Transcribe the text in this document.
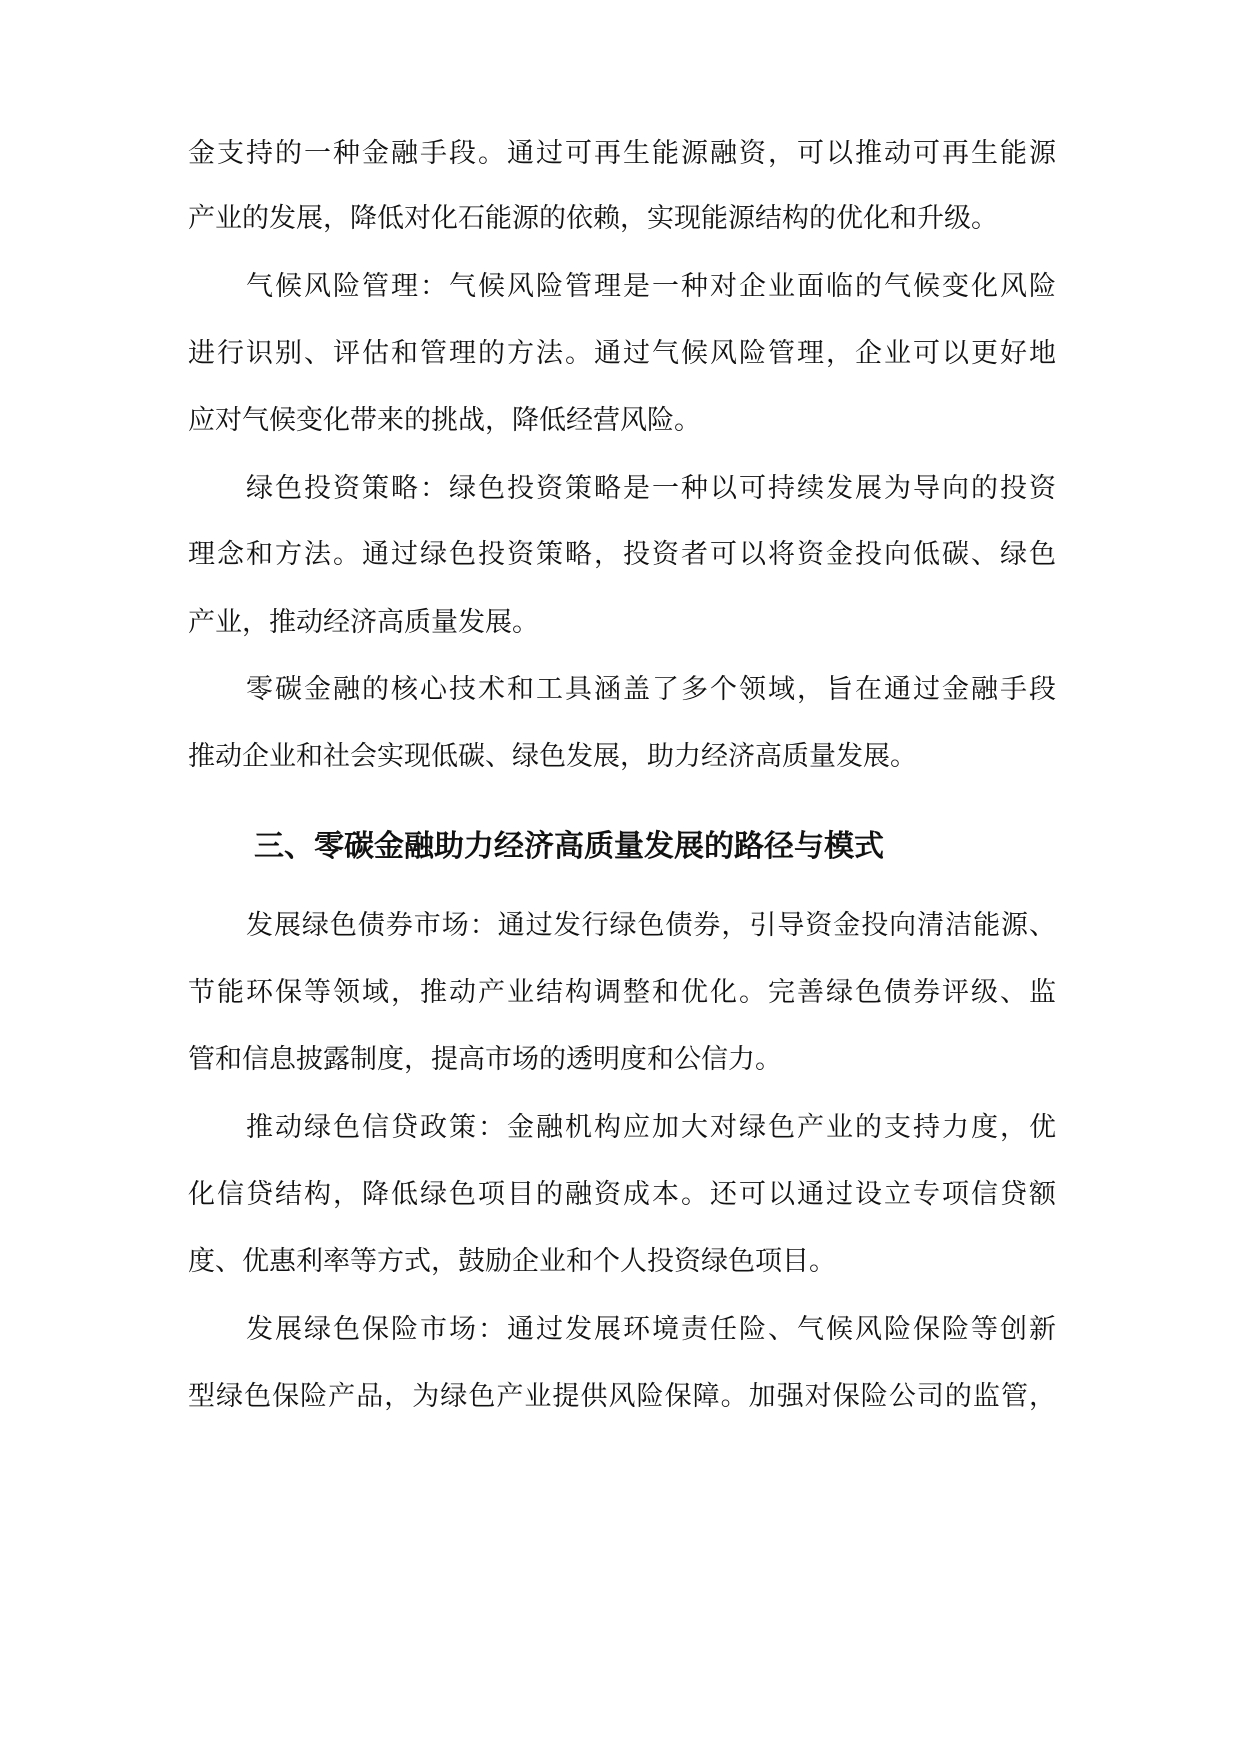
金支持的一种金融手段。通过可再生能源融资，可以推动可再生能源
产业的发展，降低对化石能源的依赖，实现能源结构的优化和升级。
气候风险管理：气候风险管理是一种对企业面临的气候变化风险
进行识别、评估和管理的方法。通过气候风险管理，企业可以更好地
应对气候变化带来的挑战，降低经营风险。
绿色投资策略：绿色投资策略是一种以可持续发展为导向的投资
理念和方法。通过绿色投资策略，投资者可以将资金投向低碳、绿色
产业，推动经济高质量发展。
零碳金融的核心技术和工具涵盖了多个领域，旨在通过金融手段
推动企业和社会实现低碳、绿色发展，助力经济高质量发展。
三、零碳金融助力经济高质量发展的路径与模式
发展绿色债券市场：通过发行绿色债券，引导资金投向清洁能源、
节能环保等领域，推动产业结构调整和优化。完善绿色债券评级、监
管和信息披露制度，提高市场的透明度和公信力。
推动绿色信贷政策：金融机构应加大对绿色产业的支持力度，优
化信贷结构，降低绿色项目的融资成本。还可以通过设立专项信贷额
度、优惠利率等方式，鼓励企业和个人投资绿色项目。
发展绿色保险市场：通过发展环境责任险、气候风险保险等创新
型绿色保险产品，为绿色产业提供风险保障。加强对保险公司的监管，
